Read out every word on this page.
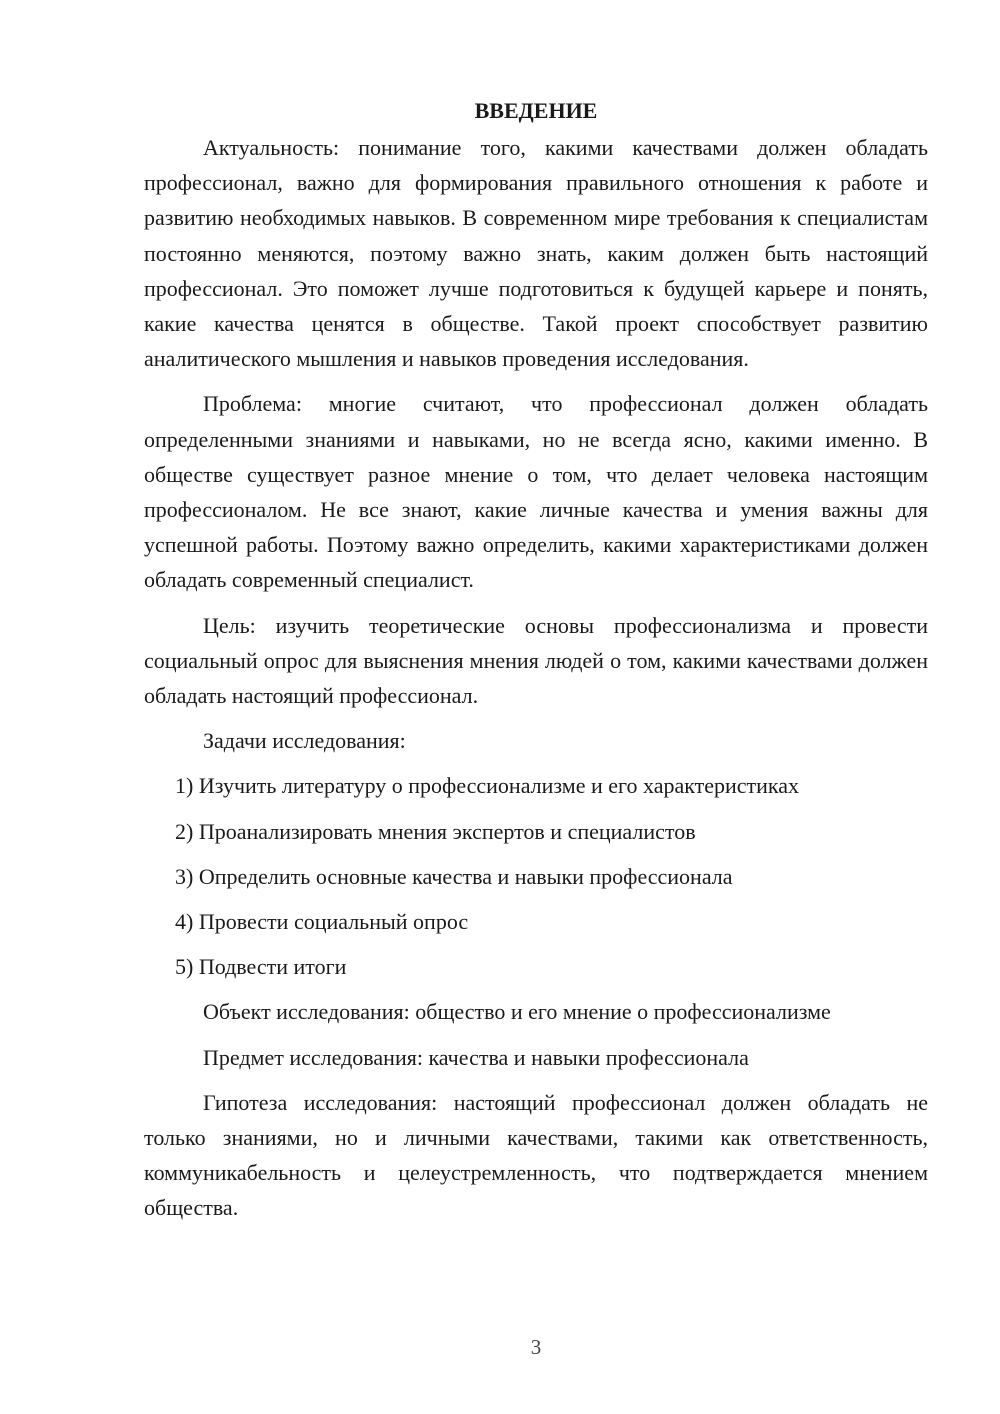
ВВЕДЕНИЕ

Актуальность: понимание того, какими качествами должен обладать профессионал, важно для формирования правильного отношения к работе и развитию необходимых навыков. В современном мире требования к специалистам постоянно меняются, поэтому важно знать, каким должен быть настоящий профессионал. Это поможет лучше подготовиться к будущей карьере и понять, какие качества ценятся в обществе. Такой проект способствует развитию аналитического мышления и навыков проведения исследования.

Проблема: многие считают, что профессионал должен обладать определенными знаниями и навыками, но не всегда ясно, какими именно. В обществе существует разное мнение о том, что делает человека настоящим профессионалом. Не все знают, какие личные качества и умения важны для успешной работы. Поэтому важно определить, какими характеристиками должен обладать современный специалист.

Цель: изучить теоретические основы профессионализма и провести социальный опрос для выяснения мнения людей о том, какими качествами должен обладать настоящий профессионал.

Задачи исследования:

1) Изучить литературу о профессионализме и его характеристиках
2) Проанализировать мнения экспертов и специалистов
3) Определить основные качества и навыки профессионала
4) Провести социальный опрос
5) Подвести итоги

Объект исследования: общество и его мнение о профессионализме

Предмет исследования: качества и навыки профессионала

Гипотеза исследования: настоящий профессионал должен обладать не только знаниями, но и личными качествами, такими как ответственность, коммуникабельность и целеустремленность, что подтверждается мнением общества.

3
